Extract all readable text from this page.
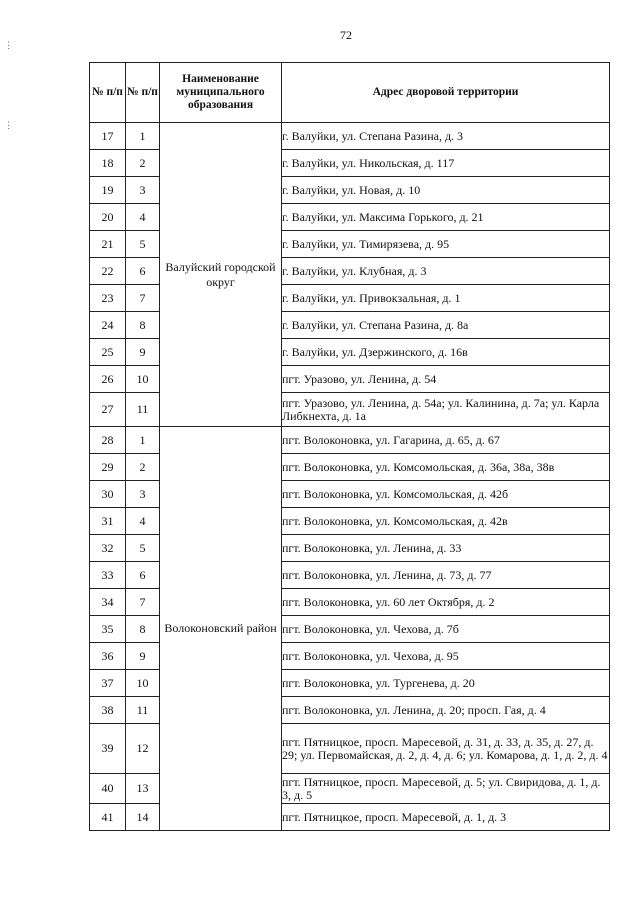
72
⋮
⋮
№ п/п	№ п/п	Наименование муниципального образования	Адрес дворовой территории
17	1	Валуйский городской округ	г. Валуйки, ул. Степана Разина, д. 3
18	2		г. Валуйки, ул. Никольская, д. 117
19	3		г. Валуйки, ул. Новая, д. 10
20	4		г. Валуйки, ул. Максима Горького, д. 21
21	5		г. Валуйки, ул. Тимирязева, д. 95
22	6		г. Валуйки, ул. Клубная, д. 3
23	7		г. Валуйки, ул. Привокзальная, д. 1
24	8		г. Валуйки, ул. Степана Разина, д. 8а
25	9		г. Валуйки, ул. Дзержинского, д. 16в
26	10		пгт. Уразово, ул. Ленина, д. 54
27	11		пгт. Уразово, ул. Ленина, д. 54а; ул. Калинина, д. 7а; ул. Карла Либкнехта, д. 1а
28	1	Волоконовский район	пгт. Волоконовка, ул. Гагарина, д. 65, д. 67
29	2		пгт. Волоконовка, ул. Комсомольская, д. 36а, 38а, 38в
30	3		пгт. Волоконовка, ул. Комсомольская, д. 42б
31	4		пгт. Волоконовка, ул. Комсомольская, д. 42в
32	5		пгт. Волоконовка, ул. Ленина, д. 33
33	6		пгт. Волоконовка, ул. Ленина, д. 73, д. 77
34	7		пгт. Волоконовка, ул. 60 лет Октября, д. 2
35	8		пгт. Волоконовка, ул. Чехова, д. 7б
36	9		пгт. Волоконовка, ул. Чехова, д. 95
37	10		пгт. Волоконовка, ул. Тургенева, д. 20
38	11		пгт. Волоконовка, ул. Ленина, д. 20; просп. Гая, д. 4
39	12		пгт. Пятницкое, просп. Маресевой, д. 31, д. 33, д. 35, д. 27, д. 29; ул. Первомайская, д. 2, д. 4, д. 6; ул. Комарова, д. 1, д. 2, д. 4
40	13		пгт. Пятницкое, просп. Маресевой, д. 5; ул. Свиридова, д. 1, д. 3, д. 5
41	14		пгт. Пятницкое, просп. Маресевой, д. 1, д. 3
